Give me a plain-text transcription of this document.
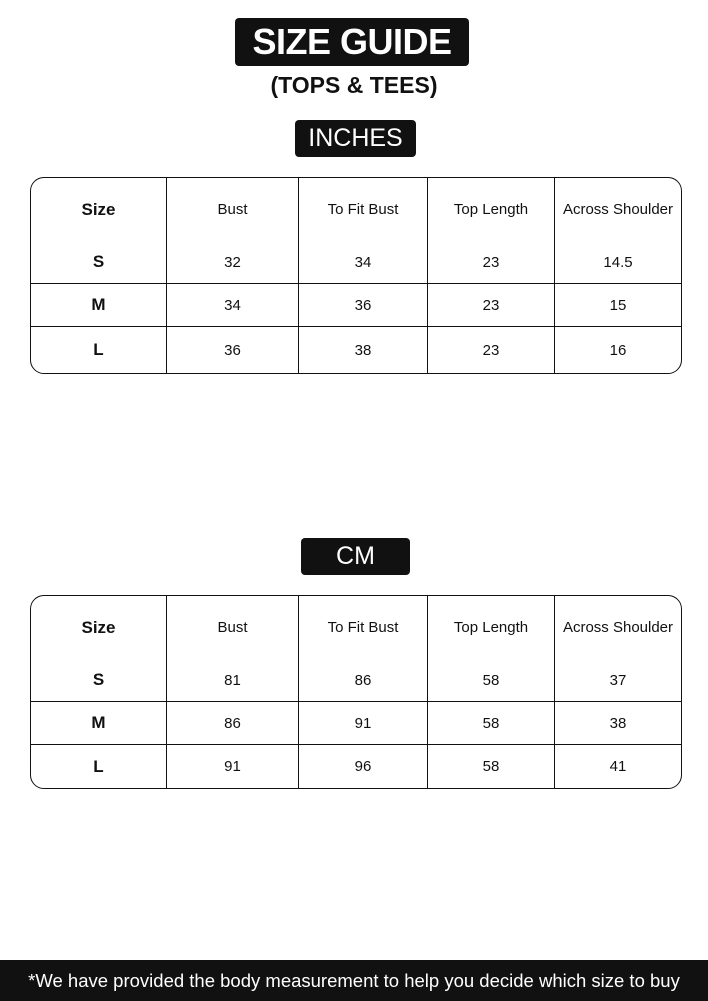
SIZE GUIDE
(TOPS & TEES)
INCHES
Size	Bust	To Fit Bust	Top Length	Across Shoulder
S	32	34	23	14.5
M	34	36	23	15
L	36	38	23	16
CM
Size	Bust	To Fit Bust	Top Length	Across Shoulder
S	81	86	58	37
M	86	91	58	38
L	91	96	58	41
*We have provided the body measurement to help you decide which size to buy
